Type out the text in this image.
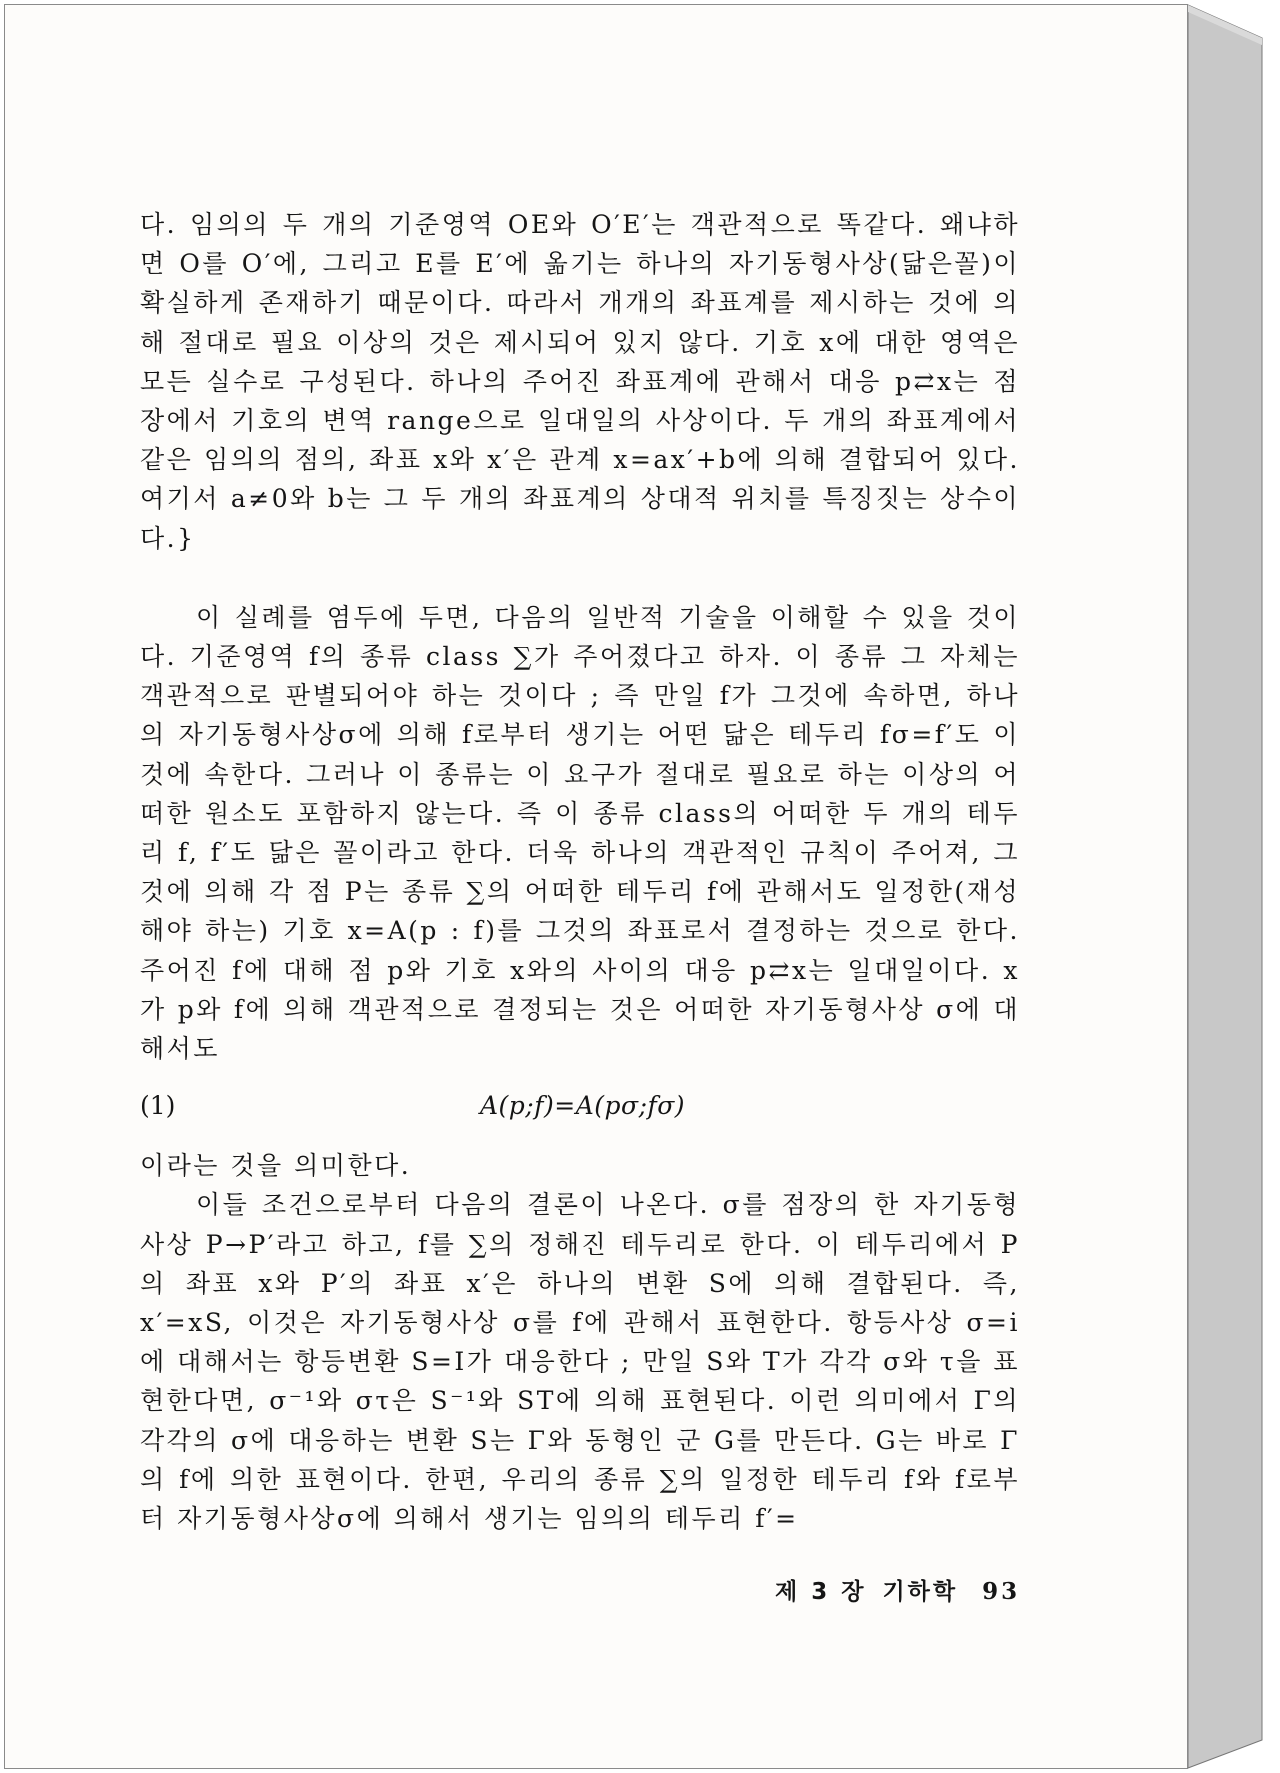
다. 임의의 두 개의 기준영역 OE와 O′E′는 객관적으로 똑같다. 왜냐하면 O를 O′에, 그리고 E를 E′에 옮기는 하나의 자기동형사상(닮은꼴)이 확실하게 존재하기 때문이다. 따라서 개개의 좌표계를 제시하는 것에 의해 절대로 필요 이상의 것은 제시되어 있지 않다. 기호 x에 대한 영역은 모든 실수로 구성된다. 하나의 주어진 좌표계에 관해서 대응 p⇄x는 점장에서 기호의 변역 range으로 일대일의 사상이다. 두 개의 좌표계에서 같은 임의의 점의, 좌표 x와 x′은 관계 x=ax′+b에 의해 결합되어 있다. 여기서 a≠0와 b는 그 두 개의 좌표계의 상대적 위치를 특징짓는 상수이다.}

이 실례를 염두에 두면, 다음의 일반적 기술을 이해할 수 있을 것이다. 기준영역 f의 종류 class ∑가 주어졌다고 하자. 이 종류 그 자체는 객관적으로 판별되어야 하는 것이다 ; 즉 만일 f가 그것에 속하면, 하나의 자기동형사상σ에 의해 f로부터 생기는 어떤 닮은 테두리 fσ=f′도 이것에 속한다. 그러나 이 종류는 이 요구가 절대로 필요로 하는 이상의 어떠한 원소도 포함하지 않는다. 즉 이 종류 class의 어떠한 두 개의 테두리 f, f′도 닮은 꼴이라고 한다. 더욱 하나의 객관적인 규칙이 주어져, 그것에 의해 각 점 P는 종류 ∑의 어떠한 테두리 f에 관해서도 일정한(재성해야 하는) 기호 x=A(p : f)를 그것의 좌표로서 결정하는 것으로 한다. 주어진 f에 대해 점 p와 기호 x와의 사이의 대응 p⇄x는 일대일이다. x가 p와 f에 의해 객관적으로 결정되는 것은 어떠한 자기동형사상 σ에 대해서도

(1)	A(p;f)=A(pσ;fσ)

이라는 것을 의미한다.

이들 조건으로부터 다음의 결론이 나온다. σ를 점장의 한 자기동형사상 P→P′라고 하고, f를 ∑의 정해진 테두리로 한다. 이 테두리에서 P의 좌표 x와 P′의 좌표 x′은 하나의 변환 S에 의해 결합된다. 즉, x′=xS, 이것은 자기동형사상 σ를 f에 관해서 표현한다. 항등사상 σ=i에 대해서는 항등변환 S=I가 대응한다 ; 만일 S와 T가 각각 σ와 τ을 표현한다면, σ⁻¹와 στ은 S⁻¹와 ST에 의해 표현된다. 이런 의미에서 Γ의 각각의 σ에 대응하는 변환 S는 Γ와 동형인 군 G를 만든다. G는 바로 Γ의 f에 의한 표현이다. 한편, 우리의 종류 ∑의 일정한 테두리 f와 f로부터 자기동형사상σ에 의해서 생기는 임의의 테두리 f′=

제 3 장 기하학 93
